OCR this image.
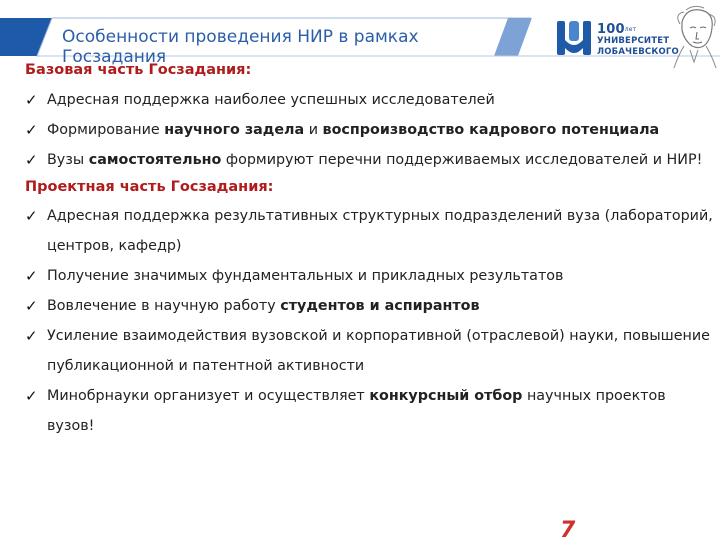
Особенности проведения НИР в рамках Госзадания
$100^{лет}$
УНИВЕРСИТЕТ
ЛОБАЧЕВСКОГО
Базовая часть Госзадания:
✓ Адресная поддержка наиболее успешных исследователей
✓ Формирование научного задела и воспроизводство кадрового потенциала
✓ Вузы самостоятельно формируют перечни поддерживаемых исследователей и НИР!
Проектная часть Госзадания:
✓ Адресная поддержка результативных структурных подразделений вуза (лабораторий, центров, кафедр)
✓ Получение значимых фундаментальных и прикладных результатов
✓ Вовлечение в научную работу студентов и аспирантов
✓ Усиление взаимодействия вузовской и корпоративной (отраслевой) науки, повышение публикационной и патентной активности
✓ Минобрнауки организует и осуществляет конкурсный отбор научных проектов вузов!
7
